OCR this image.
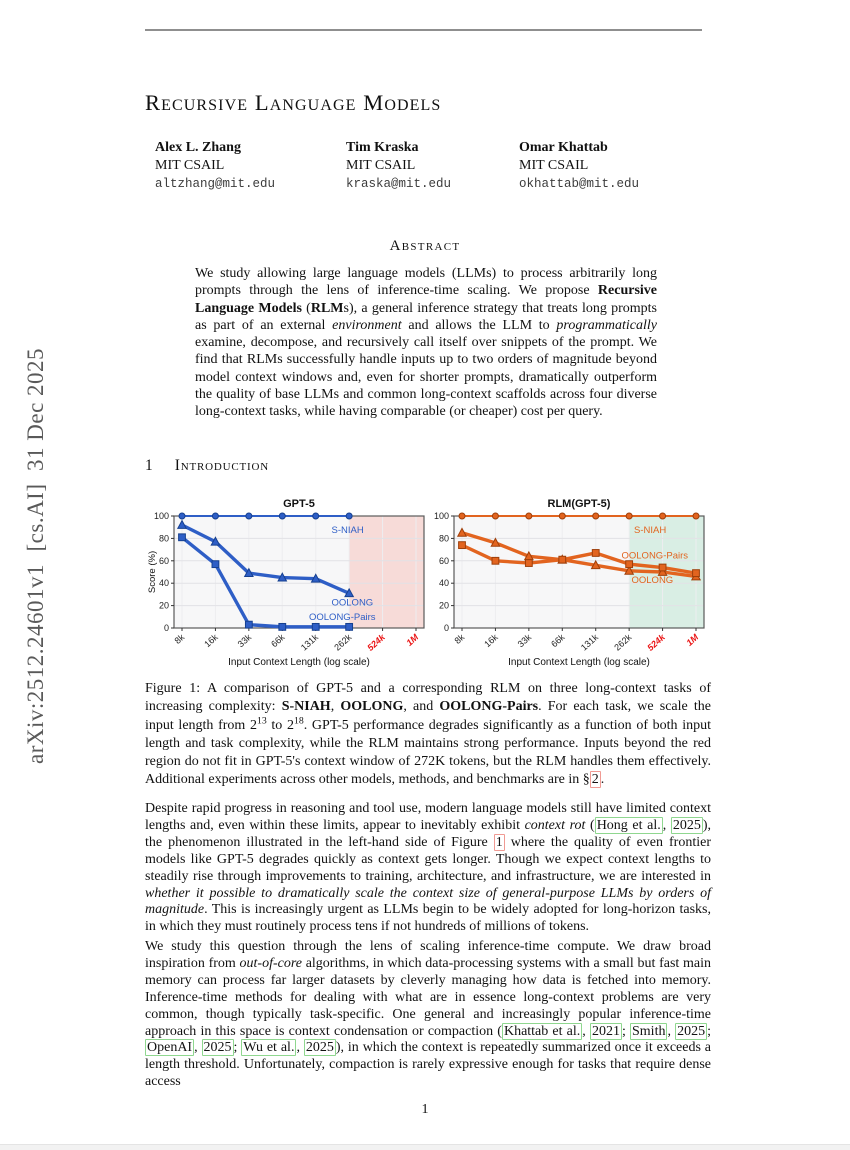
arXiv:2512.24601v1  [cs.AI]  31 Dec 2025
Recursive Language Models
Alex L. Zhang
MIT CSAIL
altzhang@mit.edu
Tim Kraska
MIT CSAIL
kraska@mit.edu
Omar Khattab
MIT CSAIL
okhattab@mit.edu
Abstract
We study allowing large language models (LLMs) to process arbitrarily long prompts through the lens of inference-time scaling. We propose Recursive Language Models (RLMs), a general inference strategy that treats long prompts as part of an external environment and allows the LLM to programmatically examine, decompose, and recursively call itself over snippets of the prompt. We find that RLMs successfully handle inputs up to two orders of magnitude beyond model context windows and, even for shorter prompts, dramatically outperform the quality of base LLMs and common long-context scaffolds across four diverse long-context tasks, while having comparable (or cheaper) cost per query.
1 Introduction
GPT-5
0
20
40
60
80
100
8k 16k 33k 66k 131k 262k 524k 1M
Input Context Length (log scale)
Score (%)
S-NIAH
OOLONG
OOLONG-Pairs
RLM(GPT-5)
0
20
40
60
80
100
8k 16k 33k 66k 131k 262k 524k 1M
Input Context Length (log scale)
S-NIAH
OOLONG-Pairs
OOLONG
Figure 1: A comparison of GPT-5 and a corresponding RLM on three long-context tasks of increasing complexity: S-NIAH, OOLONG, and OOLONG-Pairs. For each task, we scale the input length from $2^{13}$ to $2^{18}$. GPT-5 performance degrades significantly as a function of both input length and task complexity, while the RLM maintains strong performance. Inputs beyond the red region do not fit in GPT-5's context window of 272K tokens, but the RLM handles them effectively. Additional experiments across other models, methods, and benchmarks are in § 2 .
Despite rapid progress in reasoning and tool use, modern language models still have limited context lengths and, even within these limits, appear to inevitably exhibit context rot ( Hong et al. , 2025 ), the phenomenon illustrated in the left-hand side of Figure 1 where the quality of even frontier models like GPT-5 degrades quickly as context gets longer. Though we expect context lengths to steadily rise through improvements to training, architecture, and infrastructure, we are interested in whether it possible to dramatically scale the context size of general-purpose LLMs by orders of magnitude. This is increasingly urgent as LLMs begin to be widely adopted for long-horizon tasks, in which they must routinely process tens if not hundreds of millions of tokens.
We study this question through the lens of scaling inference-time compute. We draw broad inspiration from out-of-core algorithms, in which data-processing systems with a small but fast main memory can process far larger datasets by cleverly managing how data is fetched into memory. Inference-time methods for dealing with what are in essence long-context problems are very common, though typically task-specific. One general and increasingly popular inference-time approach in this space is context condensation or compaction ( Khattab et al. , 2021 ; Smith , 2025 ; OpenAI , 2025 ; Wu et al. , 2025 ), in which the context is repeatedly summarized once it exceeds a length threshold. Unfortunately, compaction is rarely expressive enough for tasks that require dense access
1
